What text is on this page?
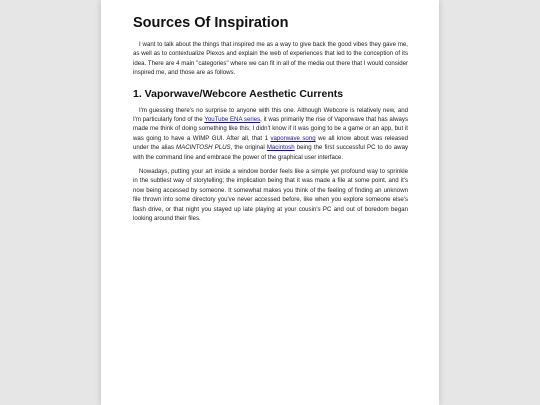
Sources Of Inspiration

I want to talk about the things that inspired me as a way to give back the good vibes they gave me, as well as to contextualize Plexos and explain the web of experiences that led to the conception of its idea. There are 4 main "categories" where we can fit in all of the media out there that I would consider inspired me, and those are as follows.

1. Vaporwave/Webcore Aesthetic Currents

I'm guessing there's no surprise to anyone with this one. Although Webcore is relatively new, and I'm particularly fond of the YouTube ENA series, it was primarily the rise of Vaporwave that has always made me think of doing something like this; I didn't know if it was going to be a game or an app, but it was going to have a WIMP GUI. After all, that 1 vaporwave song we all know about was released under the alias MACINTOSH PLUS, the original Macintosh being the first successful PC to do away with the command line and embrace the power of the graphical user interface.

Nowadays, putting your art inside a window border feels like a simple yet profound way to sprinkle in the subtlest way of storytelling; the implication being that it was made a file at some point, and it's now being accessed by someone. It somewhat makes you think of the feeling of finding an unknown file thrown into some directory you've never accessed before, like when you explore someone else's flash drive, or that night you stayed up late playing at your cousin's PC and out of boredom began looking around their files.
